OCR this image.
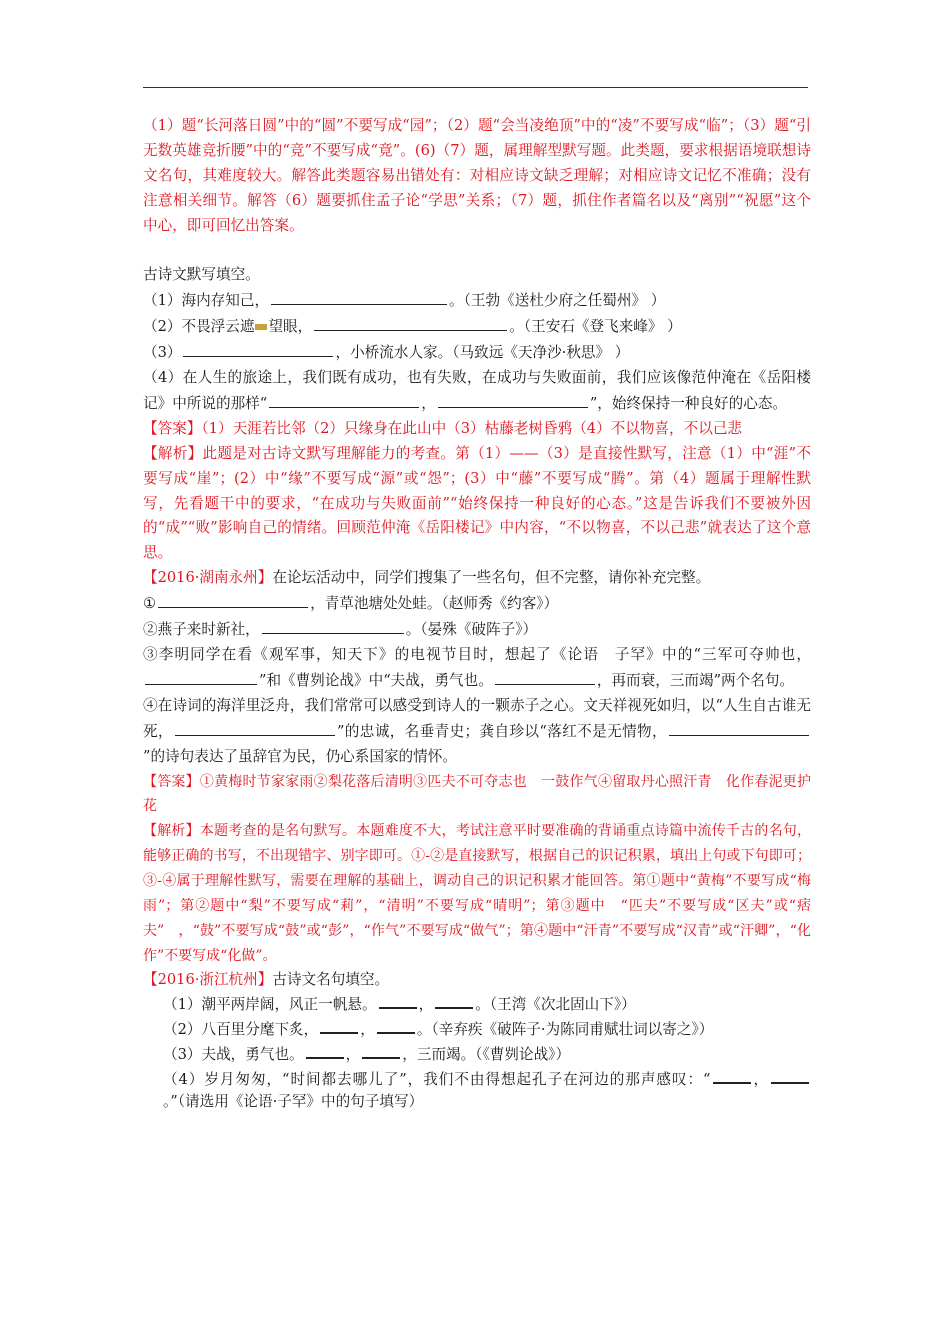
（1）题“长河落日圆”中的“圆”不要写成“园”；（2）题“会当凌绝顶”中的“凌”不要写成“临”；（3）题“引无数英雄竞折腰”中的“竞”不要写成“竟”。(6)（7）题，属理解型默写题。此类题，要求根据语境联想诗文名句，其难度较大。解答此类题容易出错处有：对相应诗文缺乏理解；对相应诗文记忆不准确；没有注意相关细节。解答（6）题要抓住孟子论“学思”关系；（7）题，抓住作者篇名以及“离别”“祝愿”这个中心，即可回忆出答案。

古诗文默写填空。

（1）海内存知己，	。（王勃《送杜少府之任蜀州》 ）

（2）不畏浮云遮 望眼，	。（王安石《登飞来峰》 ）

（3）	，小桥流水人家。（马致远《天净沙·秋思》 ）

（4）在人生的旅途上，我们既有成功，也有失败，在成功与失败面前，我们应该像范仲淹在《岳阳楼记》中所说的那样“	，	”，始终保持一种良好的心态。

【答案】（1）天涯若比邻（2）只缘身在此山中（3）枯藤老树昏鸦（4）不以物喜，不以己悲

【解析】此题是对古诗文默写理解能力的考查。第（1）——（3）是直接性默写，注意（1）中“涯”不要写成“崖”；(2）中“缘”不要写成“源”或“怨”；(3）中“藤”不要写成“腾”。第（4）题属于理解性默写，先看题干中的要求，“在成功与失败面前”“始终保持一种良好的心态。”这是告诉我们不要被外因的“成”“败”影响自己的情绪。回顾范仲淹《岳阳楼记》中内容，“不以物喜，不以己悲”就表达了这个意思。

【2016·湖南永州】在论坛活动中，同学们搜集了一些名句，但不完整，请你补充完整。

①	，青草池塘处处蛙。（赵师秀《约客》）

②燕子来时新社，	。（晏殊《破阵子》）

③李明同学在看《观军事，知天下》的电视节目时，想起了《论语　子罕》中的“三军可夺帅也，”和《曹刿论战》中“夫战，勇气也。	，再而衰，三而竭”两个名句。

④在诗词的海洋里泛舟，我们常常可以感受到诗人的一颗赤子之心。文天祥视死如归，以“人生自古谁无死，	”的忠诚，名垂青史；龚自珍以“落红不是无情物，”的诗句表达了虽辞官为民，仍心系国家的情怀。

【答案】①黄梅时节家家雨②梨花落后清明③匹夫不可夺志也　一鼓作气④留取丹心照汗青　化作春泥更护花

【解析】本题考查的是名句默写。本题难度不大，考试注意平时要准确的背诵重点诗篇中流传千古的名句，能够正确的书写，不出现错字、别字即可。①-②是直接默写，根据自己的识记积累，填出上句或下句即可；③-④属于理解性默写，需要在理解的基础上，调动自己的识记积累才能回答。第①题中“黄梅”不要写成“梅雨”；第②题中“梨”不要写成“莉”，“清明”不要写成“晴明”；第③题中　“匹夫”不要写成“区夫”或“痞夫”　，“鼓”不要写成“鼓”或“彭”，“作气”不要写成“做气”；第④题中“汗青”不要写成“汉青”或“汗卿”，“化作”不要写成“化做”。

【2016·浙江杭州】古诗文名句填空。

（1）潮平两岸阔，风正一帆悬。	，	。（王湾《次北固山下》）

（2）八百里分麾下炙，	，	。（辛弃疾《破阵子·为陈同甫赋壮词以寄之》）

（3）夫战，勇气也。	，	，三而竭。（《曹刿论战》）

（4）岁月匆匆，“时间都去哪儿了”，我们不由得想起孔子在河边的那声感叹：“	，。”（请选用《论语·子罕》中的句子填写）
